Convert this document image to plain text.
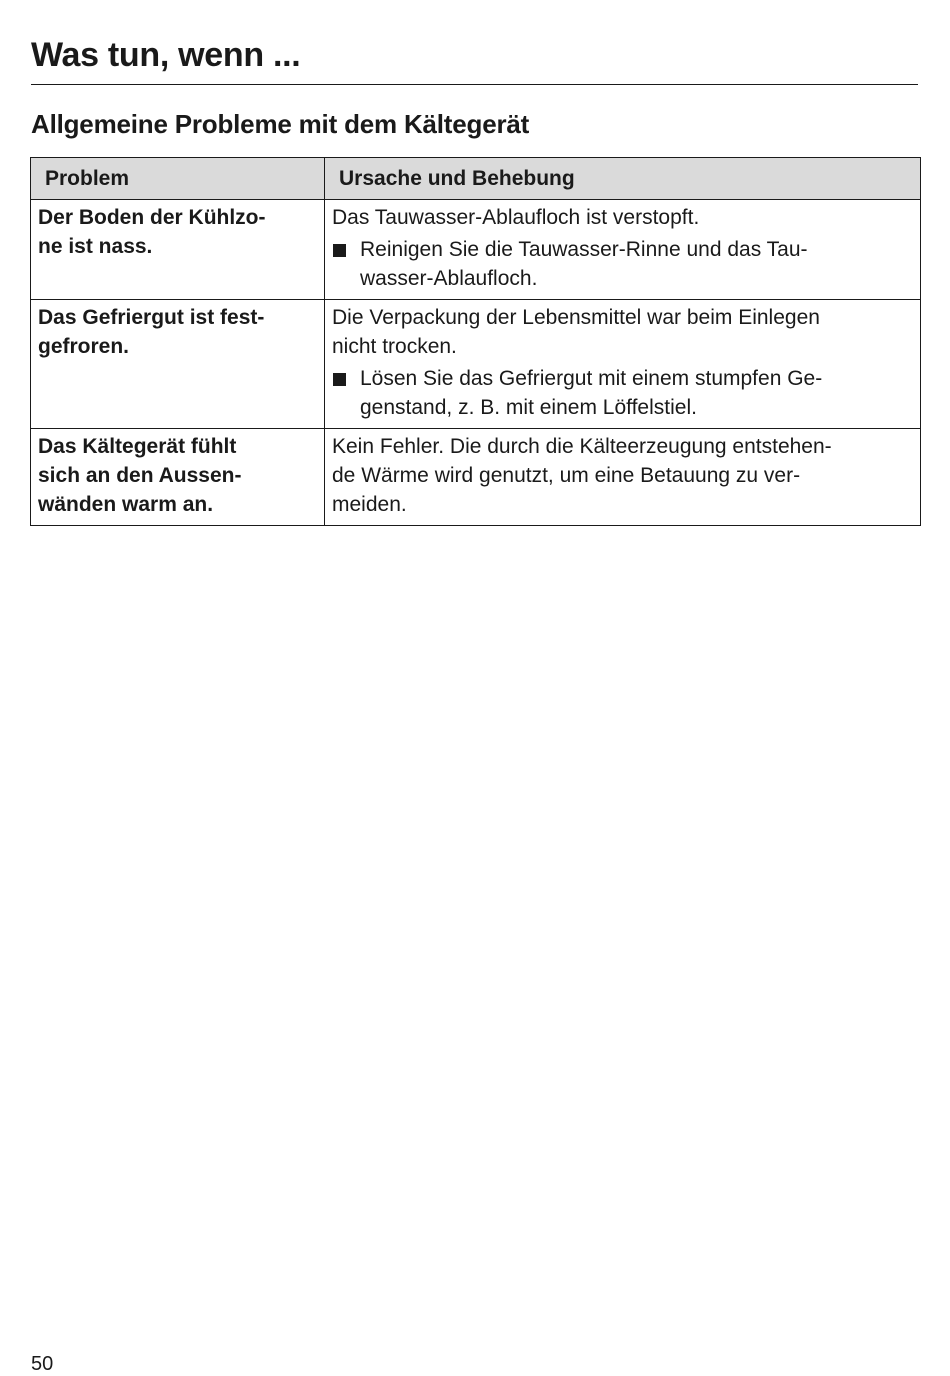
Was tun, wenn ...
Allgemeine Probleme mit dem Kältegerät
Problem	Ursache und Behebung
Der Boden der Kühlzo-
ne ist nass.	Das Tauwasser-Ablaufloch ist verstopft.
Reinigen Sie die Tauwasser-Rinne und das Tau-
wasser-Ablaufloch.

Das Gefriergut ist fest-
gefroren.	Die Verpackung der Lebensmittel war beim Einlegen
nicht trocken.
Lösen Sie das Gefriergut mit einem stumpfen Ge-
genstand, z. B. mit einem Löffelstiel.

Das Kältegerät fühlt
sich an den Aussen-
wänden warm an.	Kein Fehler. Die durch die Kälteerzeugung entstehen-
de Wärme wird genutzt, um eine Betauung zu ver-
meiden.
50
